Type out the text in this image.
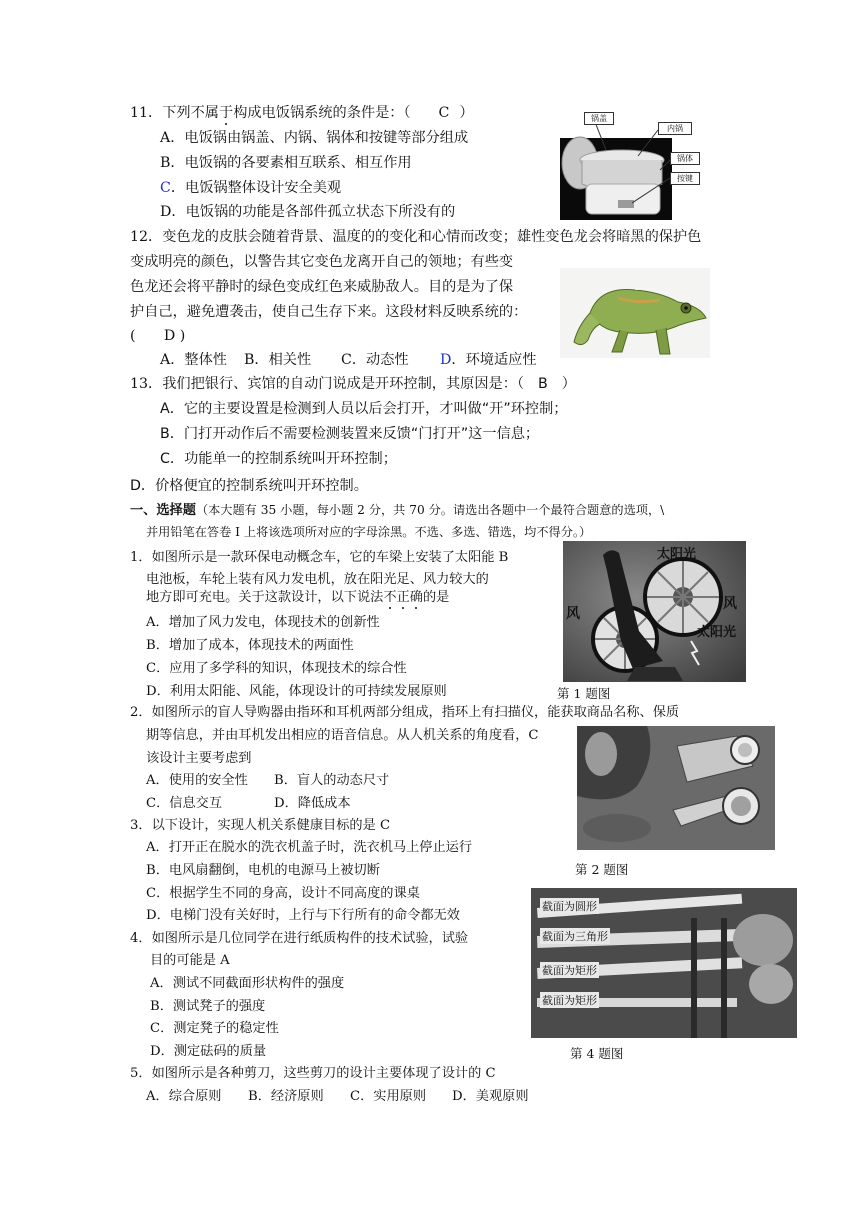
11．下列不属于构成电饭锅系统的条件是：（ C ）
A．电饭锅由锅盖、内锅、锅体和按键等部分组成
B．电饭锅的各要素相互联系、相互作用
C．电饭锅整体设计安全美观
D．电饭锅的功能是各部件孤立状态下所没有的
锅盖
内锅
锅体
按键
12．变色龙的皮肤会随着背景、温度的的变化和心情而改变；雄性变色龙会将暗黑的保护色
变成明亮的颜色，以警告其它变色龙离开自己的领地；有些变
色龙还会将平静时的绿色变成红色来威胁敌人。目的是为了保
护自己，避免遭袭击，使自己生存下来。这段材料反映系统的：
(　　D )
A．整体性 B．相关性 C．动态性 D．环境适应性
13．我们把银行、宾馆的自动门说成是开环控制，其原因是：（ B ）
A．它的主要设置是检测到人员以后会打开，才叫做“开”环控制；
B．门打开动作后不需要检测装置来反馈“门打开”这一信息；
C．功能单一的控制系统叫开环控制；
D．价格便宜的控制系统叫开环控制。
一、选择题（本大题有 35 小题，每小题 2 分，共 70 分。请选出各题中一个最符合题意的选项，\
并用铅笔在答卷 I 上将该选项所对应的字母涂黑。不选、多选、错选，均不得分。）
1．如图所示是一款环保电动概念车，它的车梁上安装了太阳能 B
电池板，车轮上装有风力发电机，放在阳光足、风力较大的
地方即可充电。关于这款设计，以下说法不正确的是
A．增加了风力发电，体现技术的创新性
B．增加了成本，体现技术的两面性
C．应用了多学科的知识，体现技术的综合性
D．利用太阳能、风能，体现设计的可持续发展原则
太阳光
风
风
太阳光
第 1 题图
2．如图所示的盲人导购器由指环和耳机两部分组成，指环上有扫描仪，能获取商品名称、保质
期等信息，并由耳机发出相应的语音信息。从人机关系的角度看，C
该设计主要考虑到
A．使用的安全性 B．盲人的动态尺寸
C．信息交互	D．降低成本
第 2 题图
3．以下设计，实现人机关系健康目标的是 C
A．打开正在脱水的洗衣机盖子时，洗衣机马上停止运行
B．电风扇翻倒，电机的电源马上被切断
C．根据学生不同的身高，设计不同高度的课桌
D．电梯门没有关好时，上行与下行所有的命令都无效
4．如图所示是几位同学在进行纸质构件的技术试验，试验
目的可能是 A
A．测试不同截面形状构件的强度
B．测试凳子的强度
C．测定凳子的稳定性
D．测定砝码的质量
截面为圆形
截面为三角形
截面为矩形
截面为矩形
第 4 题图
5．如图所示是各种剪刀，这些剪刀的设计主要体现了设计的 C
A．综合原则 B．经济原则 C．实用原则 D．美观原则
